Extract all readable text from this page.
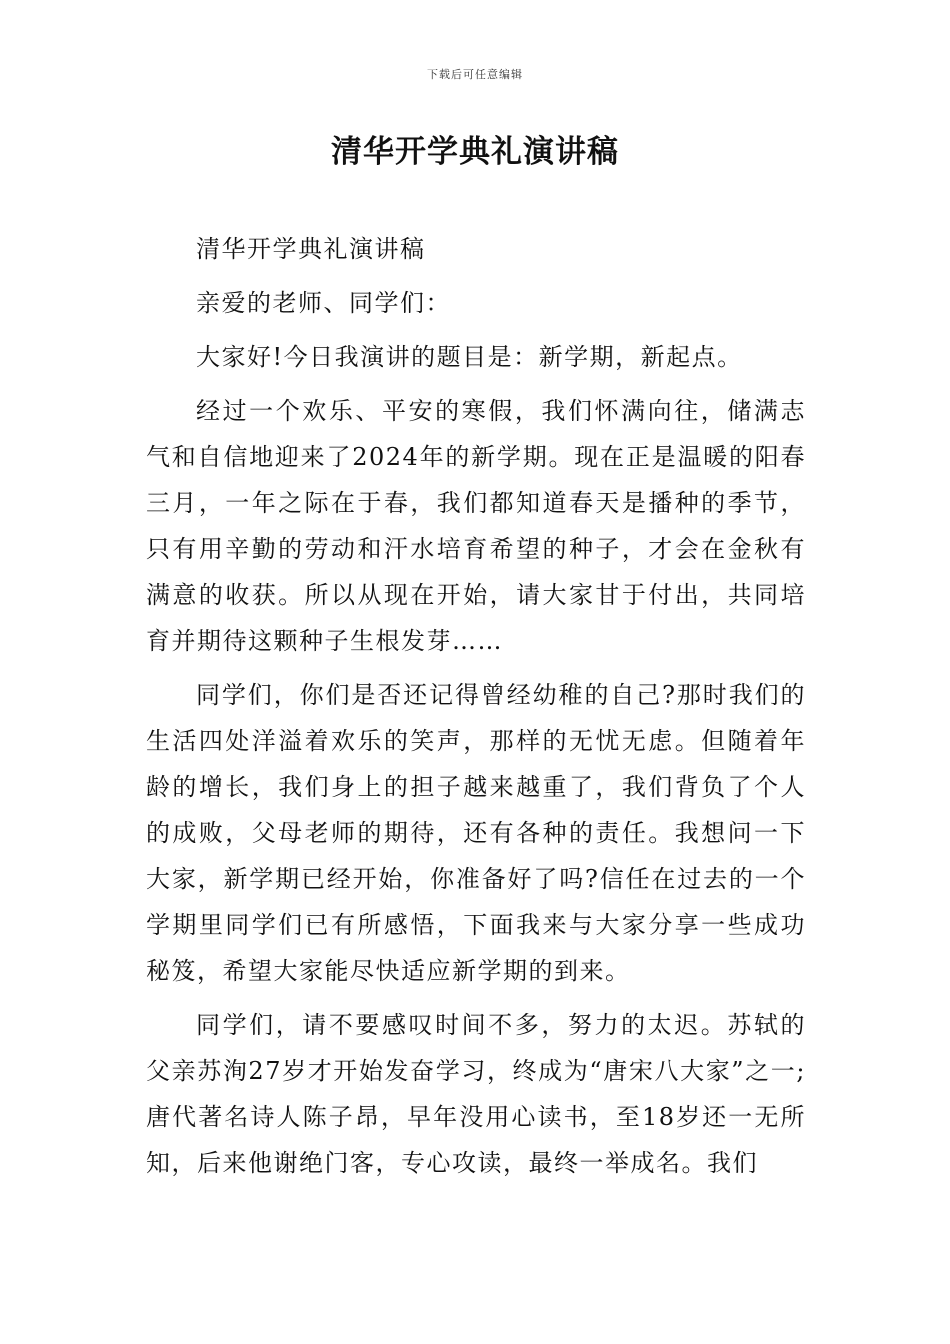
下载后可任意编辑
清华开学典礼演讲稿

清华开学典礼演讲稿

亲爱的老师、同学们：

大家好!今日我演讲的题目是：新学期，新起点。

经过一个欢乐、平安的寒假，我们怀满向往，储满志气和自信地迎来了2024年的新学期。现在正是温暖的阳春三月，一年之际在于春，我们都知道春天是播种的季节，只有用辛勤的劳动和汗水培育希望的种子，才会在金秋有满意的收获。所以从现在开始，请大家甘于付出，共同培育并期待这颗种子生根发芽……

同学们，你们是否还记得曾经幼稚的自己?那时我们的生活四处洋溢着欢乐的笑声，那样的无忧无虑。但随着年龄的增长，我们身上的担子越来越重了，我们背负了个人的成败，父母老师的期待，还有各种的责任。我想问一下大家，新学期已经开始，你准备好了吗?信任在过去的一个学期里同学们已有所感悟，下面我来与大家分享一些成功秘笈，希望大家能尽快适应新学期的到来。

同学们，请不要感叹时间不多，努力的太迟。苏轼的父亲苏洵27岁才开始发奋学习，终成为“唐宋八大家”之一;唐代著名诗人陈子昂，早年没用心读书，至18岁还一无所知，后来他谢绝门客，专心攻读，最终一举成名。我们
